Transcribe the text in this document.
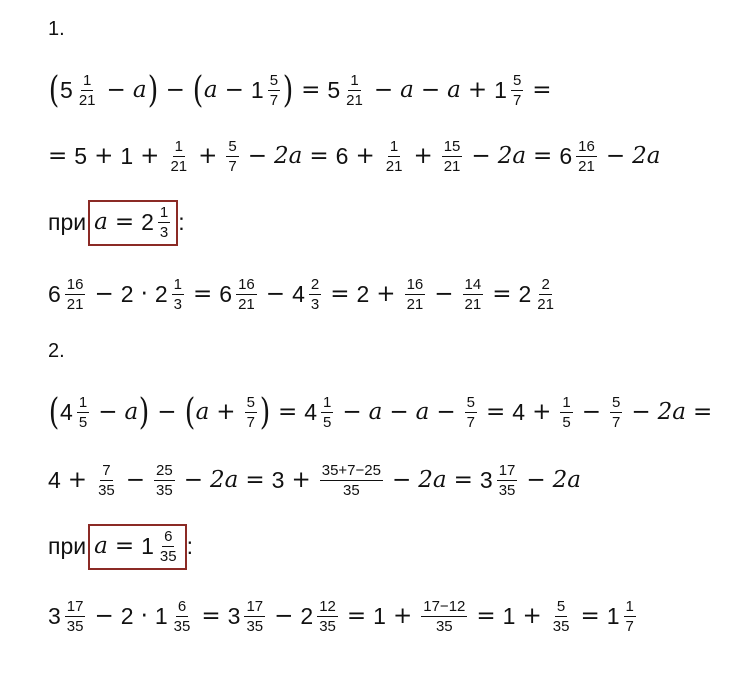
1.
( $5 \frac{1}{21} - a$ ) − ( $a - 1 \frac{5}{7}$ ) = $5 \frac{1}{21} - a - a + 1 \frac{5}{7}$ =
= $5 + 1 + \frac{1}{21} + \frac{5}{7} - 2a = 6 + \frac{1}{21} + \frac{15}{21} - 2a = 6 \frac{16}{21} - 2a$
при $a = 2 \frac{1}{3}$ :
$6 \frac{16}{21} - 2 \cdot 2 \frac{1}{3} = 6 \frac{16}{21} - 4 \frac{2}{3} = 2 + \frac{16}{21} - \frac{14}{21} = 2 \frac{2}{21}$
2.
( $4 \frac{1}{5} - a$ ) − ( $a + \frac{5}{7}$ ) = $4 \frac{1}{5} - a - a - \frac{5}{7} = 4 + \frac{1}{5} - \frac{5}{7} - 2a$ =
$4 + \frac{7}{35} - \frac{25}{35} - 2a = 3 + \frac{35+7-25}{35} - 2a = 3 \frac{17}{35} - 2a$
при $a = 1 \frac{6}{35}$ :
$3 \frac{17}{35} - 2 \cdot 1 \frac{6}{35} = 3 \frac{17}{35} - 2 \frac{12}{35} = 1 + \frac{17-12}{35} = 1 + \frac{5}{35} = 1 \frac{1}{7}$
